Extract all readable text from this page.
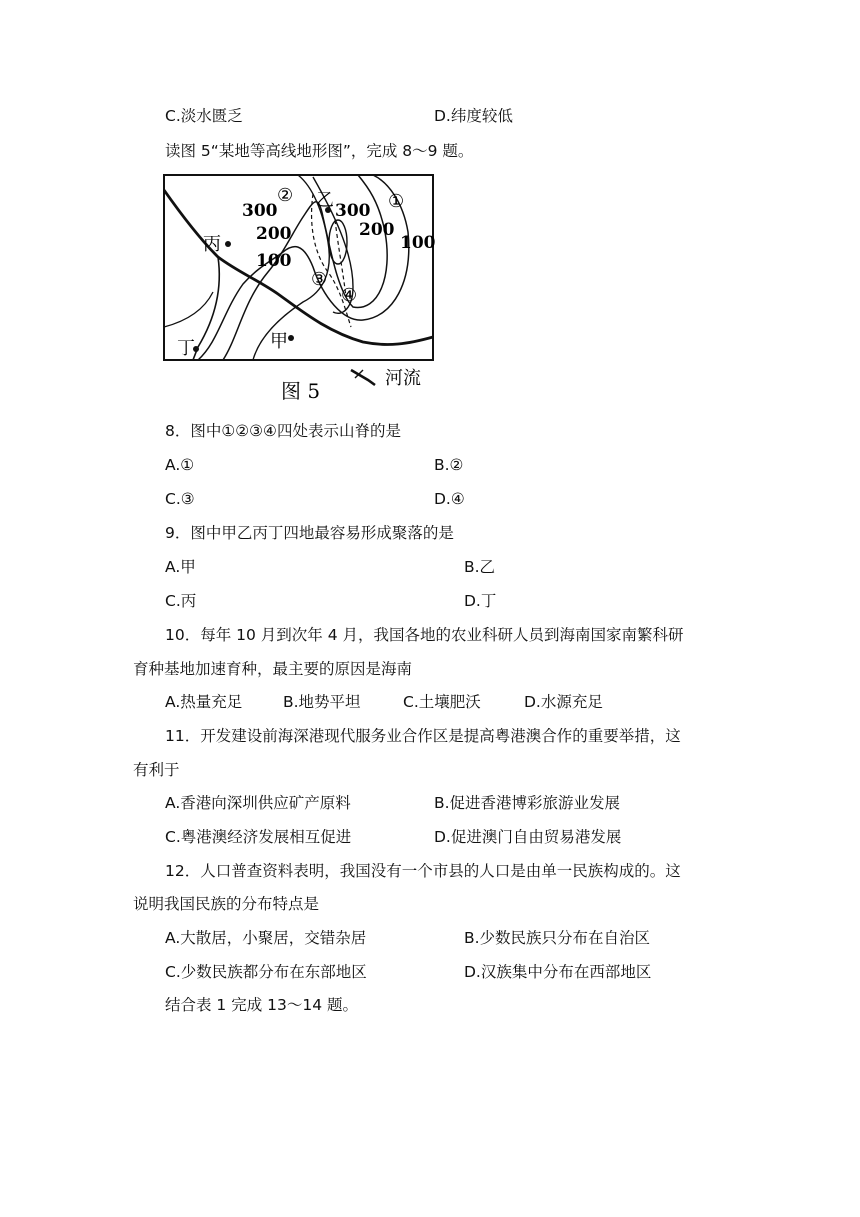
C.淡水匮乏	D.纬度较低
读图 5“某地等高线地形图”，完成 8～9 题。
300	300
200	200
100
100
乙
丙
丁	甲
①
②
③
④
图 5
河流
8．图中①②③④四处表示山脊的是
A.①	B.②
C.③	D.④
9．图中甲乙丙丁四地最容易形成聚落的是
A.甲	B.乙
C.丙	D.丁
10．每年 10 月到次年 4 月，我国各地的农业科研人员到海南国家南繁科研
育种基地加速育种，最主要的原因是海南
A.热量充足	B.地势平坦	C.土壤肥沃	D.水源充足
11．开发建设前海深港现代服务业合作区是提高粤港澳合作的重要举措，这
有利于
A.香港向深圳供应矿产原料	B.促进香港博彩旅游业发展
C.粤港澳经济发展相互促进	D.促进澳门自由贸易港发展
12．人口普查资料表明，我国没有一个市县的人口是由单一民族构成的。这
说明我国民族的分布特点是
A.大散居，小聚居，交错杂居	B.少数民族只分布在自治区
C.少数民族都分布在东部地区	D.汉族集中分布在西部地区
结合表 1 完成 13～14 题。
